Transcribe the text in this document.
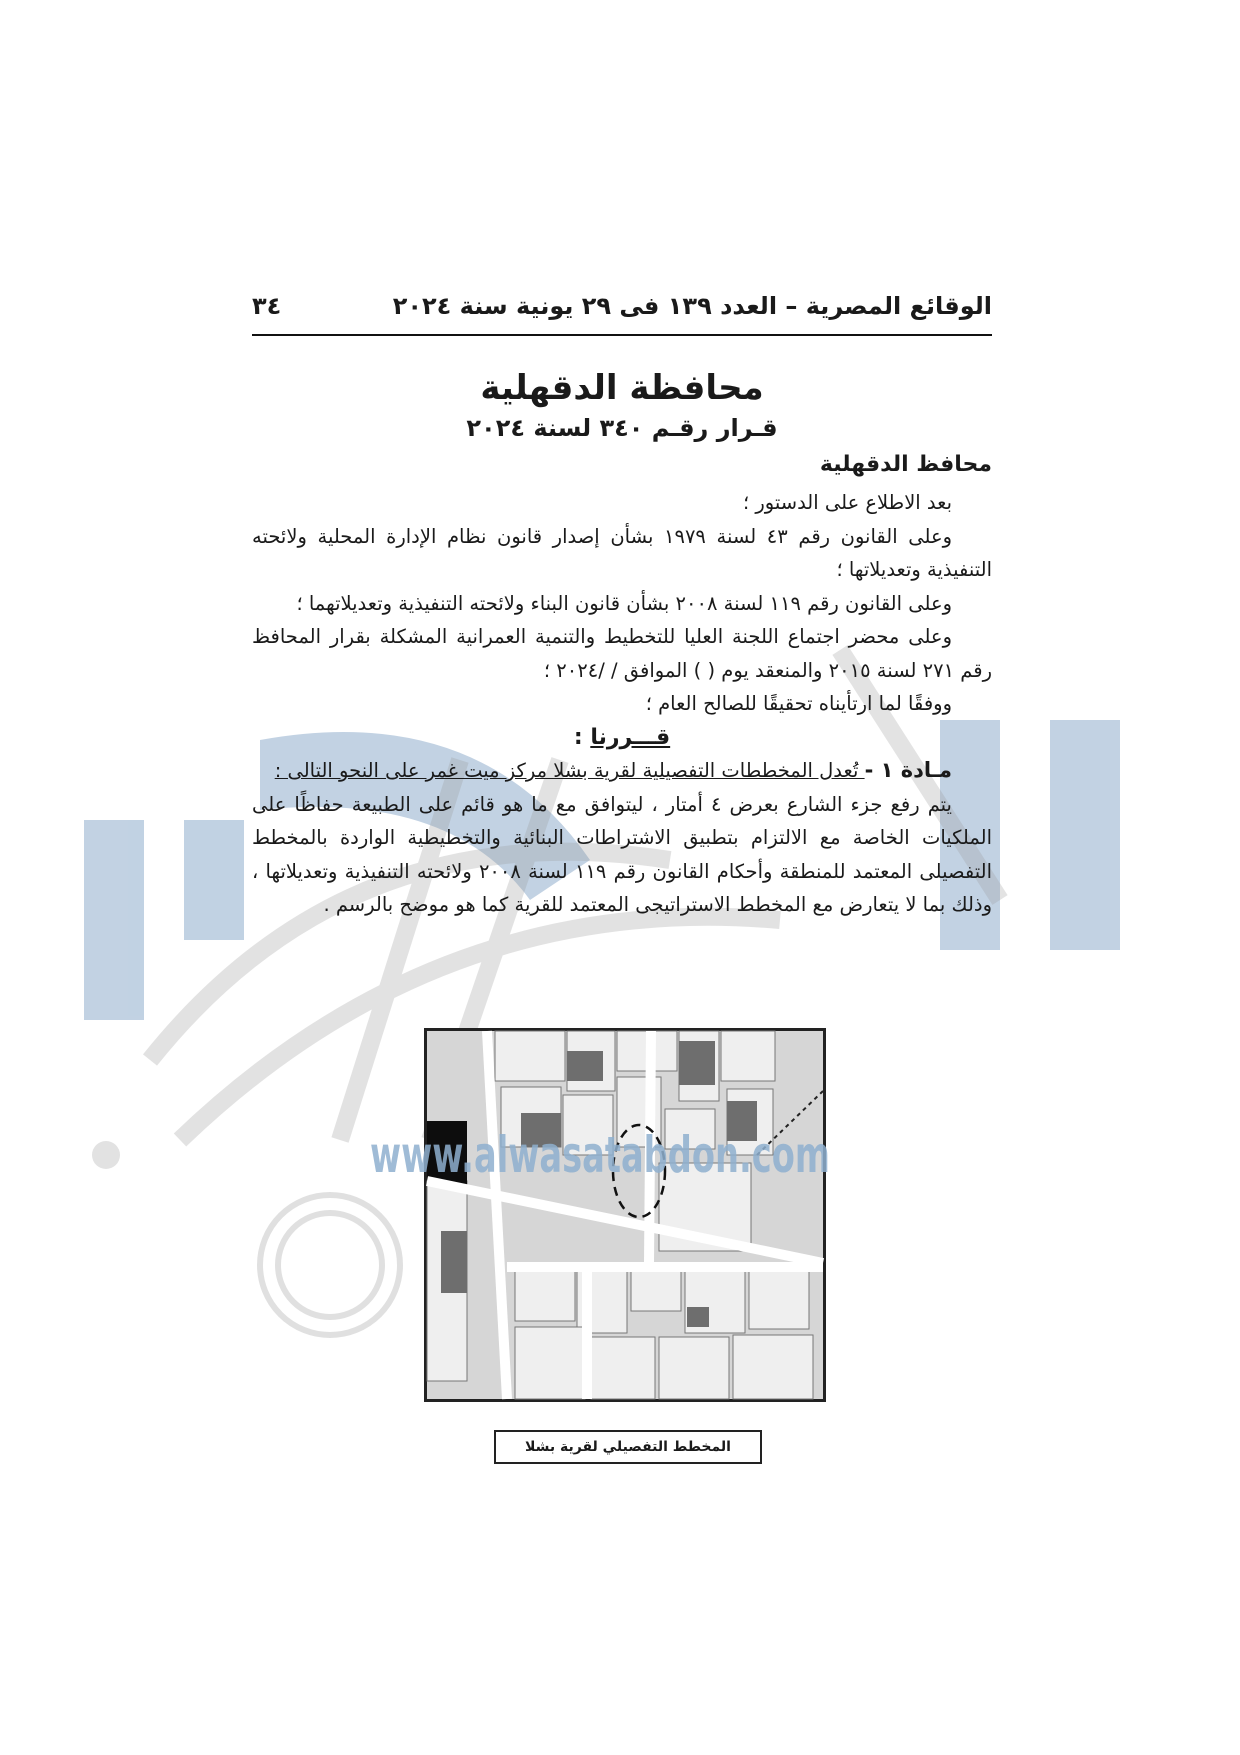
الوقائع المصرية – العدد ١٣٩ فى ٢٩ يونية سنة ٢٠٢٤
٣٤
محافظة الدقهلية
قـرار رقـم ٣٤٠ لسنة ٢٠٢٤
محافظ الدقهلية

بعد الاطلاع على الدستور ؛

وعلى القانون رقم ٤٣ لسنة ١٩٧٩ بشأن إصدار قانون نظام الإدارة المحلية ولائحته التنفيذية وتعديلاتها ؛

وعلى القانون رقم ١١٩ لسنة ٢٠٠٨ بشأن قانون البناء ولائحته التنفيذية وتعديلاتهما ؛

وعلى محضر اجتماع اللجنة العليا للتخطيط والتنمية العمرانية المشكلة بقرار المحافظ رقم ٢٧١ لسنة ٢٠١٥ والمنعقد يوم ( ) الموافق / /٢٠٢٤ ؛

ووفقًا لما ارتأيناه تحقيقًا للصالح العام ؛

قـــررنا :

مـادة ١ - تُعدل المخططات التفصيلية لقرية بشلا مركز ميت غمر على النحو التالى :

يتم رفع جزء الشارع بعرض ٤ أمتار ، ليتوافق مع ما هو قائم على الطبيعة حفاظًا على الملكيات الخاصة مع الالتزام بتطبيق الاشتراطات البنائية والتخطيطية الواردة بالمخطط التفصيلى المعتمد للمنطقة وأحكام القانون رقم ١١٩ لسنة ٢٠٠٨ ولائحته التنفيذية وتعديلاتها ، وذلك بما لا يتعارض مع المخطط الاستراتيجى المعتمد للقرية كما هو موضح بالرسم .

www.alwasatabdon.com
المخطط التفصيلي لقرية بشلا
